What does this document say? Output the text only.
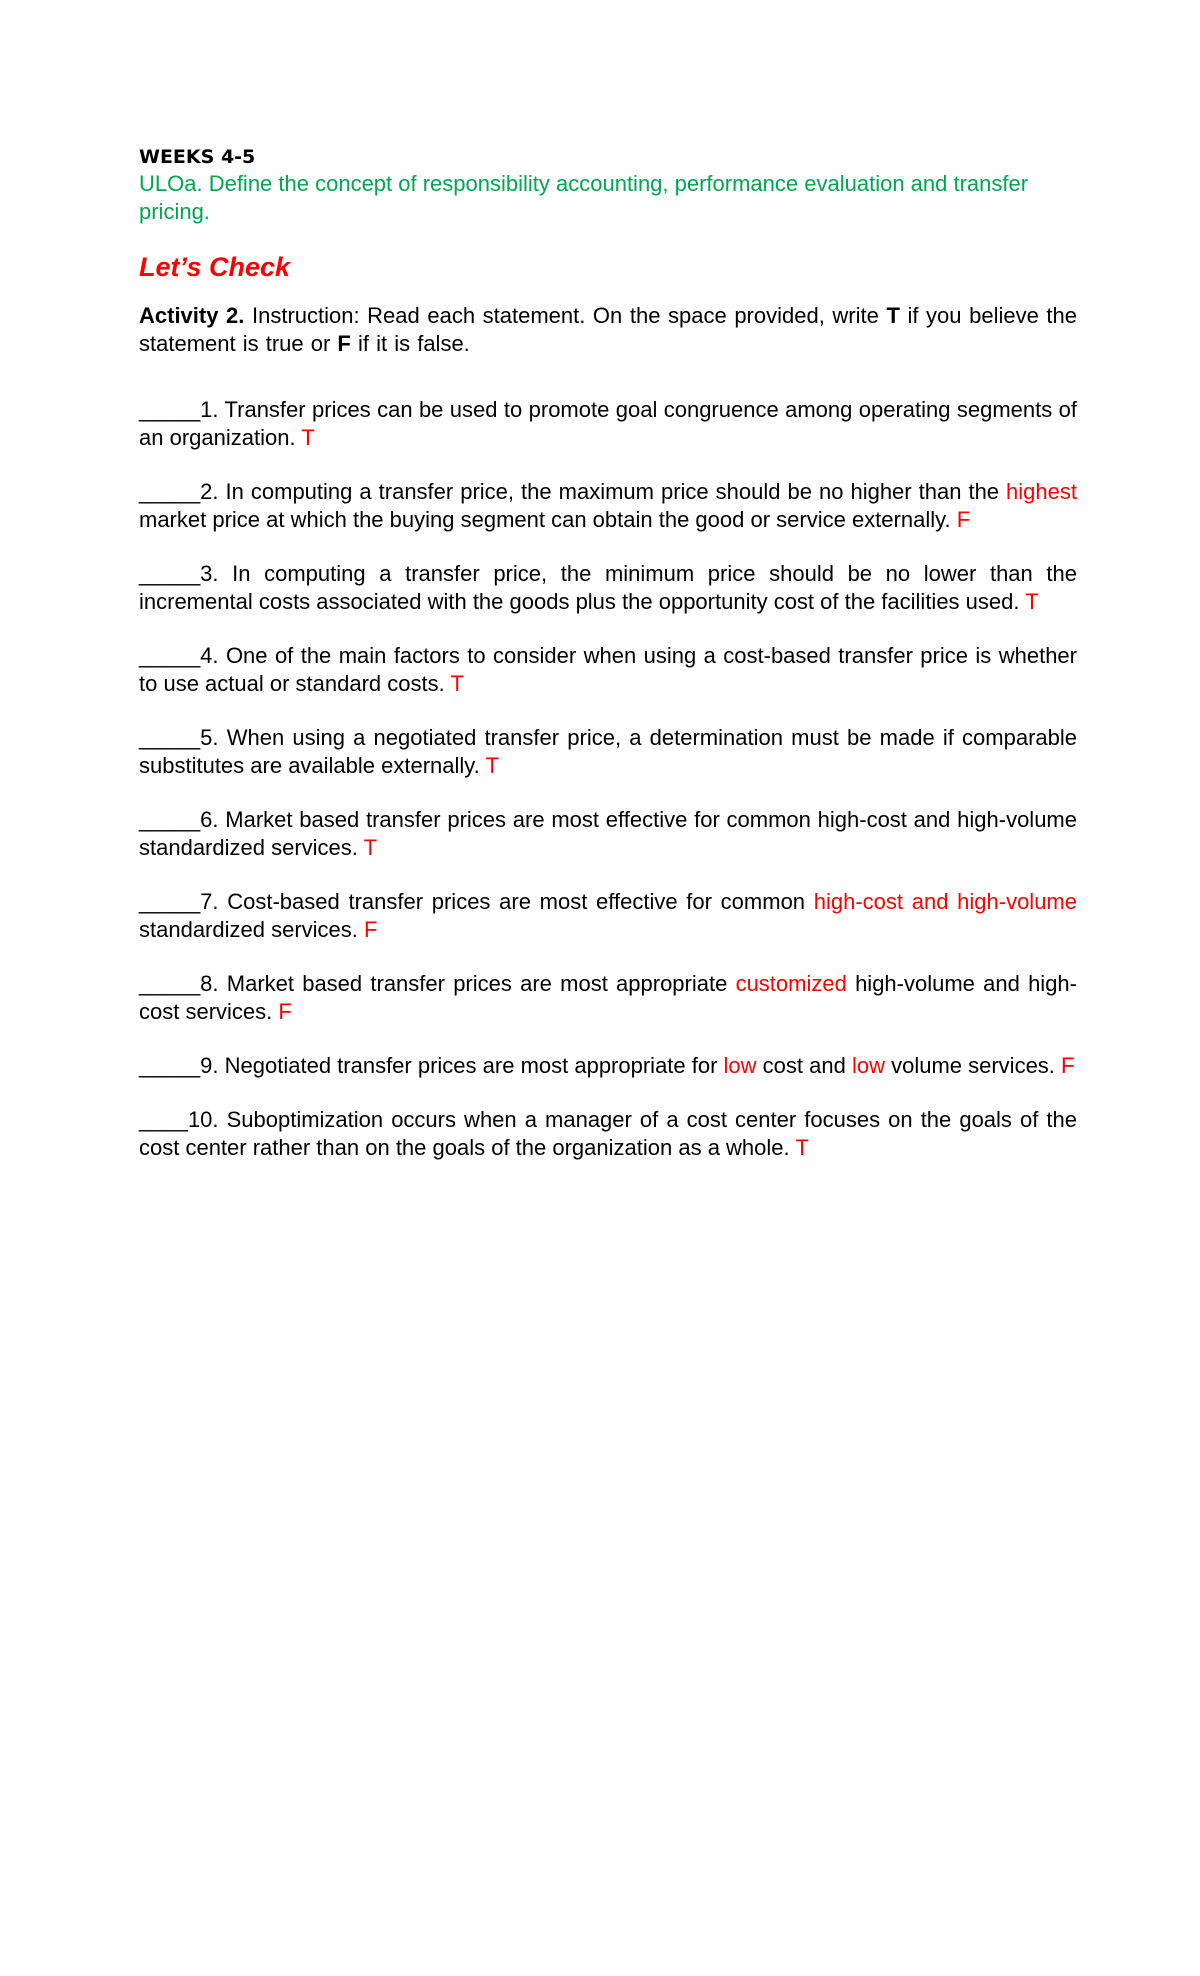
WEEKS 4-5

ULOa. Define the concept of responsibility accounting, performance evaluation and transfer pricing.

Let’s Check

Activity 2. Instruction: Read each statement. On the space provided, write T if you believe the statement is true or F if it is false.

_____1. Transfer prices can be used to promote goal congruence among operating segments of an organization. T

_____2. In computing a transfer price, the maximum price should be no higher than the highest market price at which the buying segment can obtain the good or service externally. F

_____3. In computing a transfer price, the minimum price should be no lower than the incremental costs associated with the goods plus the opportunity cost of the facilities used. T

_____4. One of the main factors to consider when using a cost-based transfer price is whether to use actual or standard costs. T

_____5. When using a negotiated transfer price, a determination must be made if comparable substitutes are available externally. T

_____6. Market based transfer prices are most effective for common high-cost and high-volume standardized services. T

_____7. Cost-based transfer prices are most effective for common high-cost and high-volume standardized services. F

_____8. Market based transfer prices are most appropriate customized high-volume and high-cost services. F

_____9. Negotiated transfer prices are most appropriate for low cost and low volume services. F

____10. Suboptimization occurs when a manager of a cost center focuses on the goals of the cost center rather than on the goals of the organization as a whole. T
